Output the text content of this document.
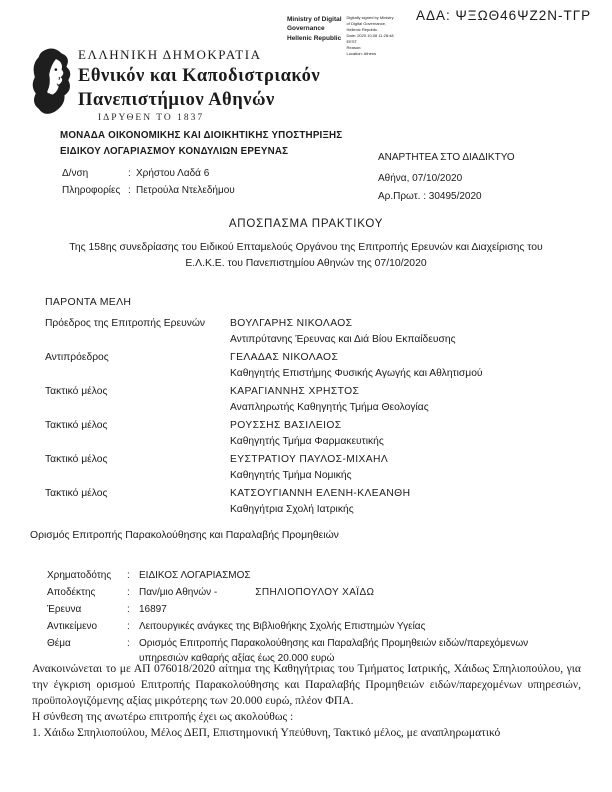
ΑΔΑ: ΨΞΩΘ46ΨΖ2Ν-ΤΓΡ
Ministry of Digital
Governance
Hellenic Republic
Digitally signed by Ministry
of Digital Governance,
Hellenic Republic
Date: 2020.10.08 11:28:48
EEST
Reason:
Location: Athens
ΕΛΛΗΝΙΚΗ ΔΗΜΟΚΡΑΤΙΑ
Εθνικόν και Καποδιστριακόν
Πανεπιστήμιον Αθηνών
ΙΔΡΥΘΕΝ ΤΟ 1837
ΜΟΝΑΔΑ ΟΙΚΟΝΟΜΙΚΗΣ ΚΑΙ ΔΙΟΙΚΗΤΙΚΗΣ ΥΠΟΣΤΗΡΙΞΗΣ
ΕΙΔΙΚΟΥ ΛΟΓΑΡΙΑΣΜΟΥ ΚΟΝΔΥΛΙΩΝ ΕΡΕΥΝΑΣ
Δ/νση	: Χρήστου Λαδά 6
Πληροφορίες : Πετρούλα Ντελεδήμου
ΑΝΑΡΤΗΤΕΑ ΣΤΟ ΔΙΑΔΙΚΤΥΟ
Αθήνα, 07/10/2020
Αρ.Πρωτ. : 30495/2020
ΑΠΟΣΠΑΣΜΑ ΠΡΑΚΤΙΚΟΥ
Της 158ης συνεδρίασης του Ειδικού Επταμελούς Οργάνου της Επιτροπής Ερευνών και Διαχείρισης του
Ε.Λ.Κ.Ε. του Πανεπιστημίου Αθηνών της 07/10/2020
ΠΑΡΟΝΤΑ ΜΕΛΗ
Πρόεδρος της Επιτροπής Ερευνών	ΒΟΥΛΓΑΡΗΣ ΝΙΚΟΛΑΟΣ
Αντιπρύτανης Έρευνας και Διά Βίου Εκπαίδευσης
Αντιπρόεδρος	ΓΕΛΑΔΑΣ ΝΙΚΟΛΑΟΣ
Καθηγητής Επιστήμης Φυσικής Αγωγής και Αθλητισμού
Τακτικό μέλος	ΚΑΡΑΓΙΑΝΝΗΣ ΧΡΗΣΤΟΣ
Αναπληρωτής Καθηγητής Τμήμα Θεολογίας
Τακτικό μέλος	ΡΟΥΣΣΗΣ ΒΑΣΙΛΕΙΟΣ
Καθηγητής Τμήμα Φαρμακευτικής
Τακτικό μέλος	ΕΥΣΤΡΑΤΙΟΥ ΠΑΥΛΟΣ-ΜΙΧΑΗΛ
Καθηγητής Τμήμα Νομικής
Τακτικό μέλος	ΚΑΤΣΟΥΓΙΑΝΝΗ ΕΛΕΝΗ-ΚΛΕΑΝΘΗ
Καθηγήτρια Σχολή Ιατρικής
Ορισμός Επιτροπής Παρακολούθησης και Παραλαβής Προμηθειών
Χρηματοδότης	: ΕΙΔΙΚΟΣ ΛΟΓΑΡΙΑΣΜΟΣ
Αποδέκτης	: Παν/μιο Αθηνών -	ΣΠΗΛΙΟΠΟΥΛΟΥ ΧΑΪΔΩ
Έρευνα	: 16897
Αντικείμενο	: Λειτουργικές ανάγκες της Βιβλιοθήκης Σχολής Επιστημών Υγείας
Θέμα	: Ορισμός Επιτροπής Παρακολούθησης και Παραλαβής Προμηθειών ειδών/παρεχόμενων υπηρεσιών καθαρής αξίας έως 20.000 ευρώ
Ανακοινώνεται το με ΑΠ 076018/2020 αίτημα της Καθηγήτριας του Τμήματος Ιατρικής, Χάιδως Σπηλιοπούλου, για την έγκριση ορισμού Επιτροπής Παρακολούθησης και Παραλαβής Προμηθειών ειδών/παρεχομένων υπηρεσιών, προϋπολογιζόμενης αξίας μικρότερης των 20.000 ευρώ, πλέον ΦΠΑ.
Η σύνθεση της ανωτέρω επιτροπής έχει ως ακολούθως :
1. Χάιδω Σπηλιοπούλου, Μέλος ΔΕΠ, Επιστημονική Υπεύθυνη, Τακτικό μέλος, με αναπληρωματικό
